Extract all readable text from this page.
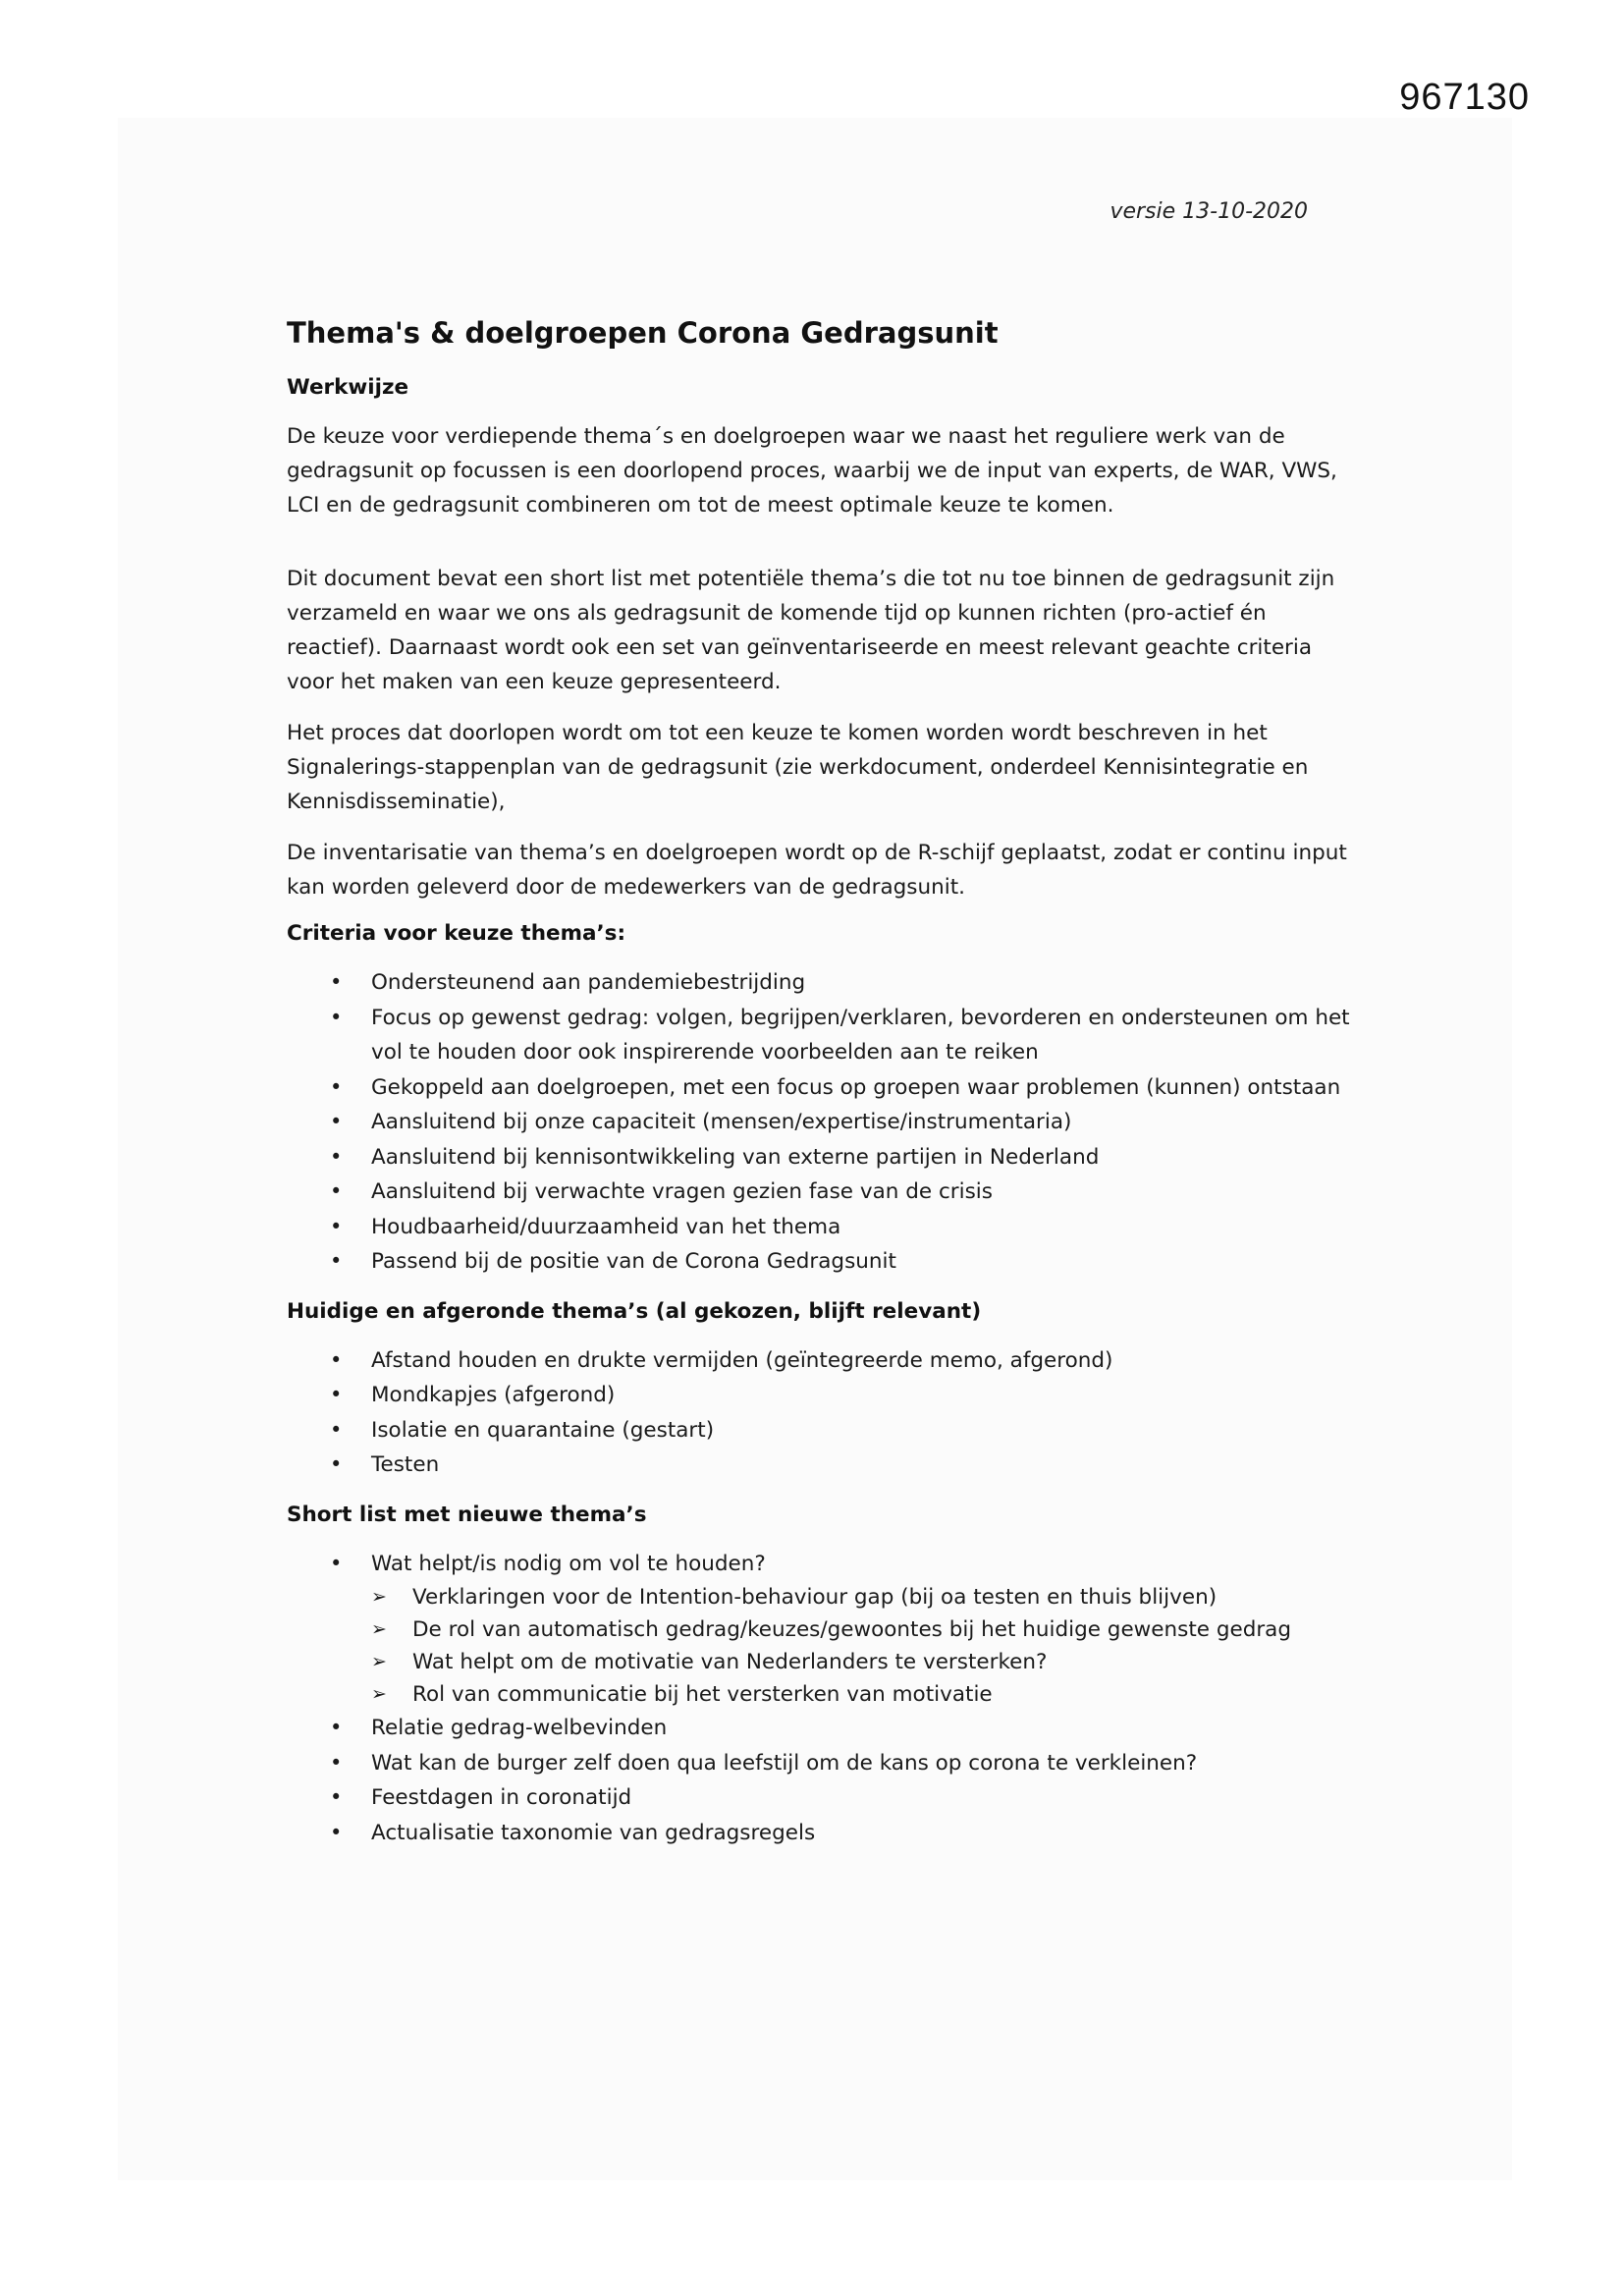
967130
versie 13-10-2020
Thema's & doelgroepen Corona Gedragsunit
Werkwijze

De keuze voor verdiepende thema´s en doelgroepen waar we naast het reguliere werk van de gedragsunit op focussen is een doorlopend proces, waarbij we de input van experts, de WAR, VWS, LCI en de gedragsunit combineren om tot de meest optimale keuze te komen.

Dit document bevat een short list met potentiële thema’s die tot nu toe binnen de gedragsunit zijn verzameld en waar we ons als gedragsunit de komende tijd op kunnen richten (pro-actief én reactief). Daarnaast wordt ook een set van geïnventariseerde en meest relevant geachte criteria voor het maken van een keuze gepresenteerd.

Het proces dat doorlopen wordt om tot een keuze te komen worden wordt beschreven in het Signalerings-stappenplan van de gedragsunit (zie werkdocument, onderdeel Kennisintegratie en Kennisdisseminatie),

De inventarisatie van thema’s en doelgroepen wordt op de R-schijf geplaatst, zodat er continu input kan worden geleverd door de medewerkers van de gedragsunit.

Criteria voor keuze thema’s:
• Ondersteunend aan pandemiebestrijding
• Focus op gewenst gedrag: volgen, begrijpen/verklaren, bevorderen en ondersteunen om het vol te houden door ook inspirerende voorbeelden aan te reiken
• Gekoppeld aan doelgroepen, met een focus op groepen waar problemen (kunnen) ontstaan
• Aansluitend bij onze capaciteit (mensen/expertise/instrumentaria)
• Aansluitend bij kennisontwikkeling van externe partijen in Nederland
• Aansluitend bij verwachte vragen gezien fase van de crisis
• Houdbaarheid/duurzaamheid van het thema
• Passend bij de positie van de Corona Gedragsunit
Huidige en afgeronde thema’s (al gekozen, blijft relevant)
• Afstand houden en drukte vermijden (geïntegreerde memo, afgerond)
• Mondkapjes (afgerond)
• Isolatie en quarantaine (gestart)
• Testen
Short list met nieuwe thema’s
• Wat helpt/is nodig om vol te houden?
➢ Verklaringen voor de Intention-behaviour gap (bij oa testen en thuis blijven)
➢ De rol van automatisch gedrag/keuzes/gewoontes bij het huidige gewenste gedrag
➢ Wat helpt om de motivatie van Nederlanders te versterken?
➢ Rol van communicatie bij het versterken van motivatie
• Relatie gedrag-welbevinden
• Wat kan de burger zelf doen qua leefstijl om de kans op corona te verkleinen?
• Feestdagen in coronatijd
• Actualisatie taxonomie van gedragsregels
